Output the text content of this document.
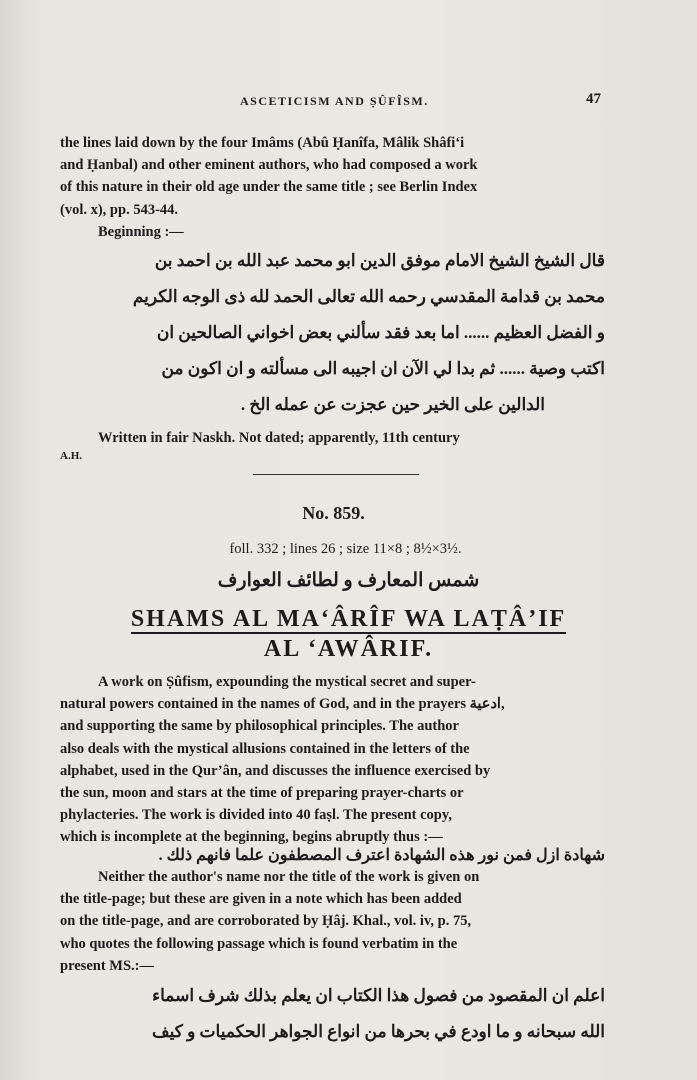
ASCETICISM AND ṢÛFÎSM.	47
the lines laid down by the four Imâms (Abû Ḥanîfa, Mâlik Shâfi‘i
and Ḥanbal) and other eminent authors, who had composed a work
of this nature in their old age under the same title ; see Berlin Index
(vol. x), pp. 543-44.
Beginning :—
قال الشيخ الشيخ الامام موفق الدين ابو محمد عبد الله بن احمد بن
محمد بن قدامة المقدسي رحمه الله تعالى الحمد لله ذى الوجه الكريم
و الفضل العظيم ...... اما بعد فقد سألني بعض اخواني الصالحين ان
اكتب وصية ...... ثم بدا لي الآن ان اجيبه الى مسألته و ان اكون من
الدالين على الخير حين عجزت عن عمله الخ .
Written in fair Naskh. Not dated; apparently, 11th century
A.H.
No. 859.
foll. 332 ; lines 26 ; size 11×8 ; 8½×3½.
شمس المعارف و لطائف العوارف
SHAMS AL MA‘ÂRÎF WA LAṬÂ’IF
AL ‘AWÂRIF.
A work on Ṣûfism, expounding the mystical secret and super-
natural powers contained in the names of God, and in the prayers ادعية,
and supporting the same by philosophical principles. The author
also deals with the mystical allusions contained in the letters of the
alphabet, used in the Qur’ân, and discusses the influence exercised by
the sun, moon and stars at the time of preparing prayer-charts or
phylacteries. The work is divided into 40 faṣl. The present copy,
which is incomplete at the beginning, begins abruptly thus :—
شهادة ازل فمن نور هذه الشهادة اعترف المصطفون علما فانهم ذلك .
Neither the author's name nor the title of the work is given on
the title-page; but these are given in a note which has been added
on the title-page, and are corroborated by Ḥâj. Khal., vol. iv, p. 75,
who quotes the following passage which is found verbatim in the
present MS.:—
اعلم ان المقصود من فصول هذا الكتاب ان يعلم بذلك شرف اسماء
الله سبحانه و ما اودع في بحرها من انواع الجواهر الحكميات و كيف
